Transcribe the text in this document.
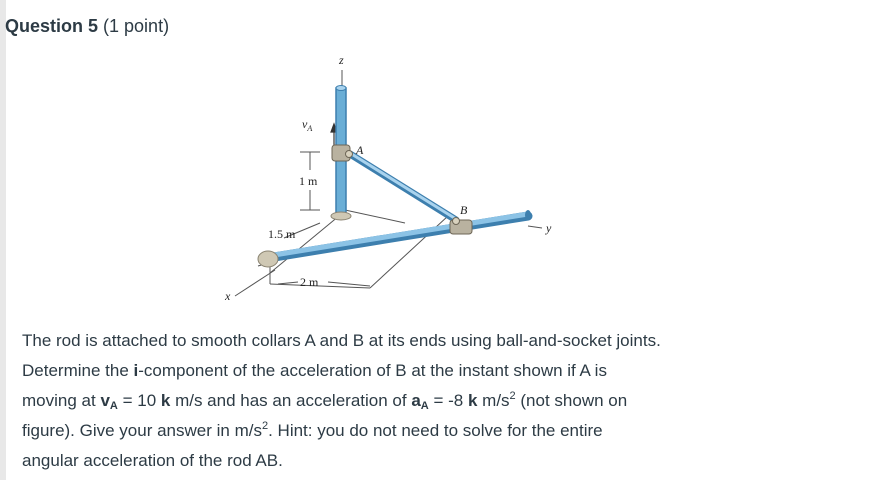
Question 5 (1 point)
z
y
x
A
B
$v_A$
1 m
1.5 m
2 m

The rod is attached to smooth collars A and B at its ends using ball-and-socket joints.

Determine the i-component of the acceleration of B at the instant shown if A is

moving at $v_A = 10$ k m/s and has an acceleration of $a_A = -8$ k $m/s^2$ (not shown on

figure). Give your answer in $m/s^2$. Hint: you do not need to solve for the entire

angular acceleration of the rod AB.
